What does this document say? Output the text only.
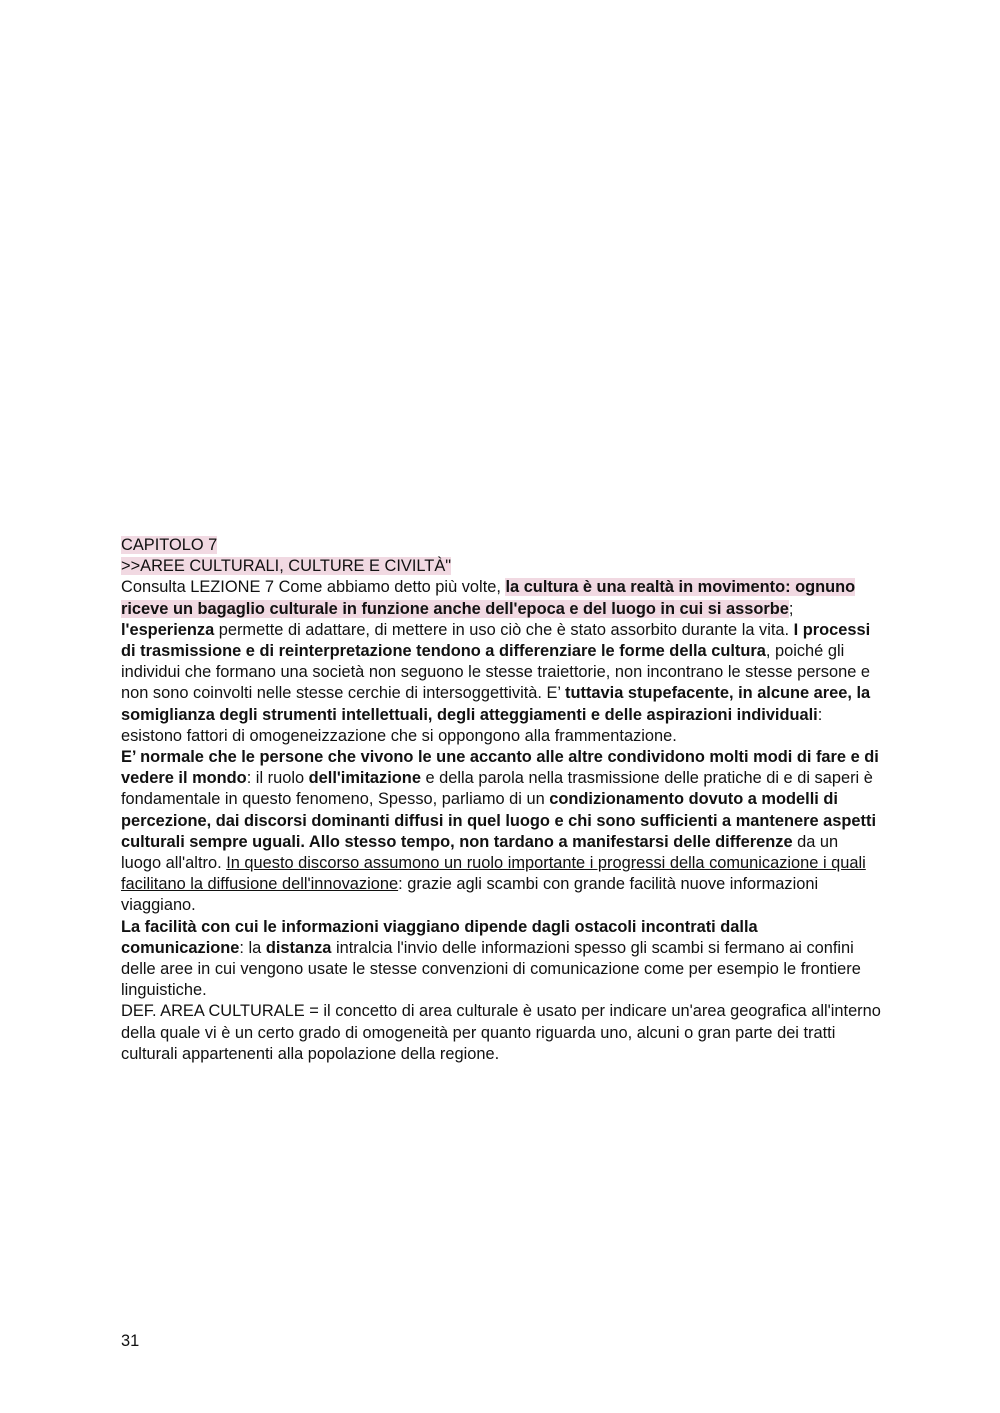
CAPITOLO 7
>>AREE CULTURALI, CULTURE E CIVILTÀ"
Consulta LEZIONE 7 Come abbiamo detto più volte, la cultura è una realtà in movimento: ognuno riceve un bagaglio culturale in funzione anche dell'epoca e del luogo in cui si assorbe; l'esperienza permette di adattare, di mettere in uso ciò che è stato assorbito durante la vita. I processi di trasmissione e di reinterpretazione tendono a differenziare le forme della cultura, poiché gli individui che formano una società non seguono le stesse traiettorie, non incontrano le stesse persone e non sono coinvolti nelle stesse cerchie di intersoggettività. E’ tuttavia stupefacente, in alcune aree, la somiglianza degli strumenti intellettuali, degli atteggiamenti e delle aspirazioni individuali: esistono fattori di omogeneizzazione che si oppongono alla frammentazione.
E’ normale che le persone che vivono le une accanto alle altre condividono molti modi di fare e di vedere il mondo: il ruolo dell'imitazione e della parola nella trasmissione delle pratiche di e di saperi è fondamentale in questo fenomeno, Spesso, parliamo di un condizionamento dovuto a modelli di percezione, dai discorsi dominanti diffusi in quel luogo e chi sono sufficienti a mantenere aspetti culturali sempre uguali. Allo stesso tempo, non tardano a manifestarsi delle differenze da un luogo all'altro. In questo discorso assumono un ruolo importante i progressi della comunicazione i quali facilitano la diffusione dell'innovazione: grazie agli scambi con grande facilità nuove informazioni viaggiano.
La facilità con cui le informazioni viaggiano dipende dagli ostacoli incontrati dalla comunicazione: la distanza intralcia l'invio delle informazioni spesso gli scambi si fermano ai confini delle aree in cui vengono usate le stesse convenzioni di comunicazione come per esempio le frontiere linguistiche.
DEF. AREA CULTURALE = il concetto di area culturale è usato per indicare un'area geografica all'interno della quale vi è un certo grado di omogeneità per quanto riguarda uno, alcuni o gran parte dei tratti culturali appartenenti alla popolazione della regione.
31
